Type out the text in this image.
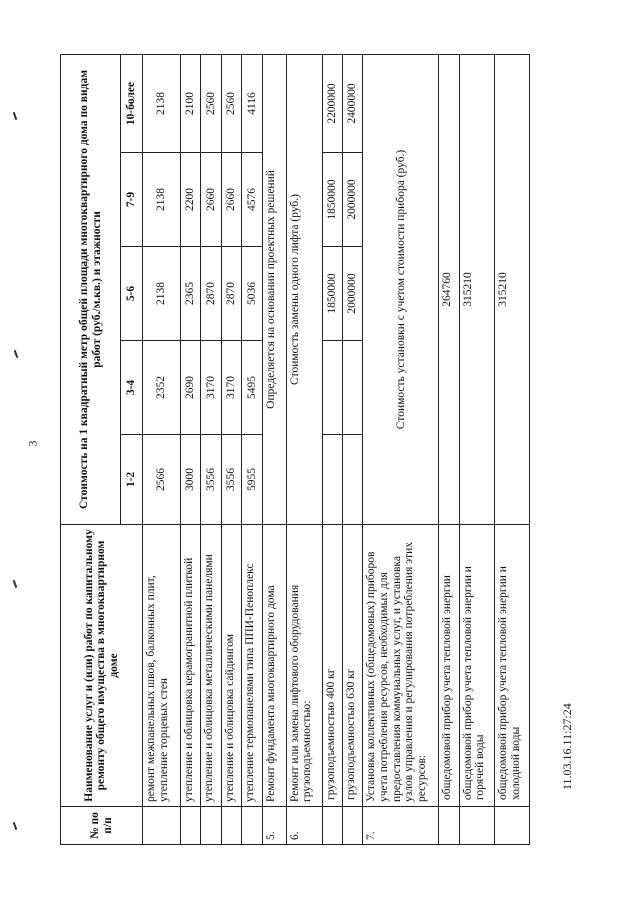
3
11.03.16.11:27:24
№ по п/п	Наименование услуг и (или) работ по капитальному ремонту общего имущества в многоквартирном доме	Стоимость на 1 квадратный метр общей площади многоквартирного дома по видам работ (руб./м.кв.) и этажности				
		1-2	3-4	5-6	7-9	10-более
	ремонт межпанельных швов, балконных плит, утепление торцевых стен	2566	2352	2138	2138	2138
	утепление и облицовка керамогранитной плиткой	3000	2690	2365	2200	2100
	утепление и облицовка металлическими панелями	3556	3170	2870	2660	2560
	утепление и облицовка сайдингом	3556	3170	2870	2660	2560
	утепление термопанелями типа ППИ-Пеноплекс	5955	5495	5036	4576	4116
5.	Ремонт фундамента многоквартирного дома	Определяется на основании проектных решений				
6.	Ремонт или замена лифтового оборудования грузоподъемностью:	Стоимость замены одного лифта (руб.)				
	грузоподъемностью 400 кг			1850000	1850000	2200000
	грузоподъемностью 630 кг			2000000	2000000	2400000
7.	Установка коллективных (общедомовых) приборов учета потребления ресурсов, необходимых для предоставления коммунальных услуг, и установка узлов управления и регулирования потребления этих ресурсов:	Стоимость установки с учетом стоимости прибора (руб.)				
	общедомовой прибор учета тепловой энергии	264760				
	общедомовой прибор учета тепловой энергии и горячей воды	315210				
	общедомовой прибор учета тепловой энергии и холодной воды	315210				
